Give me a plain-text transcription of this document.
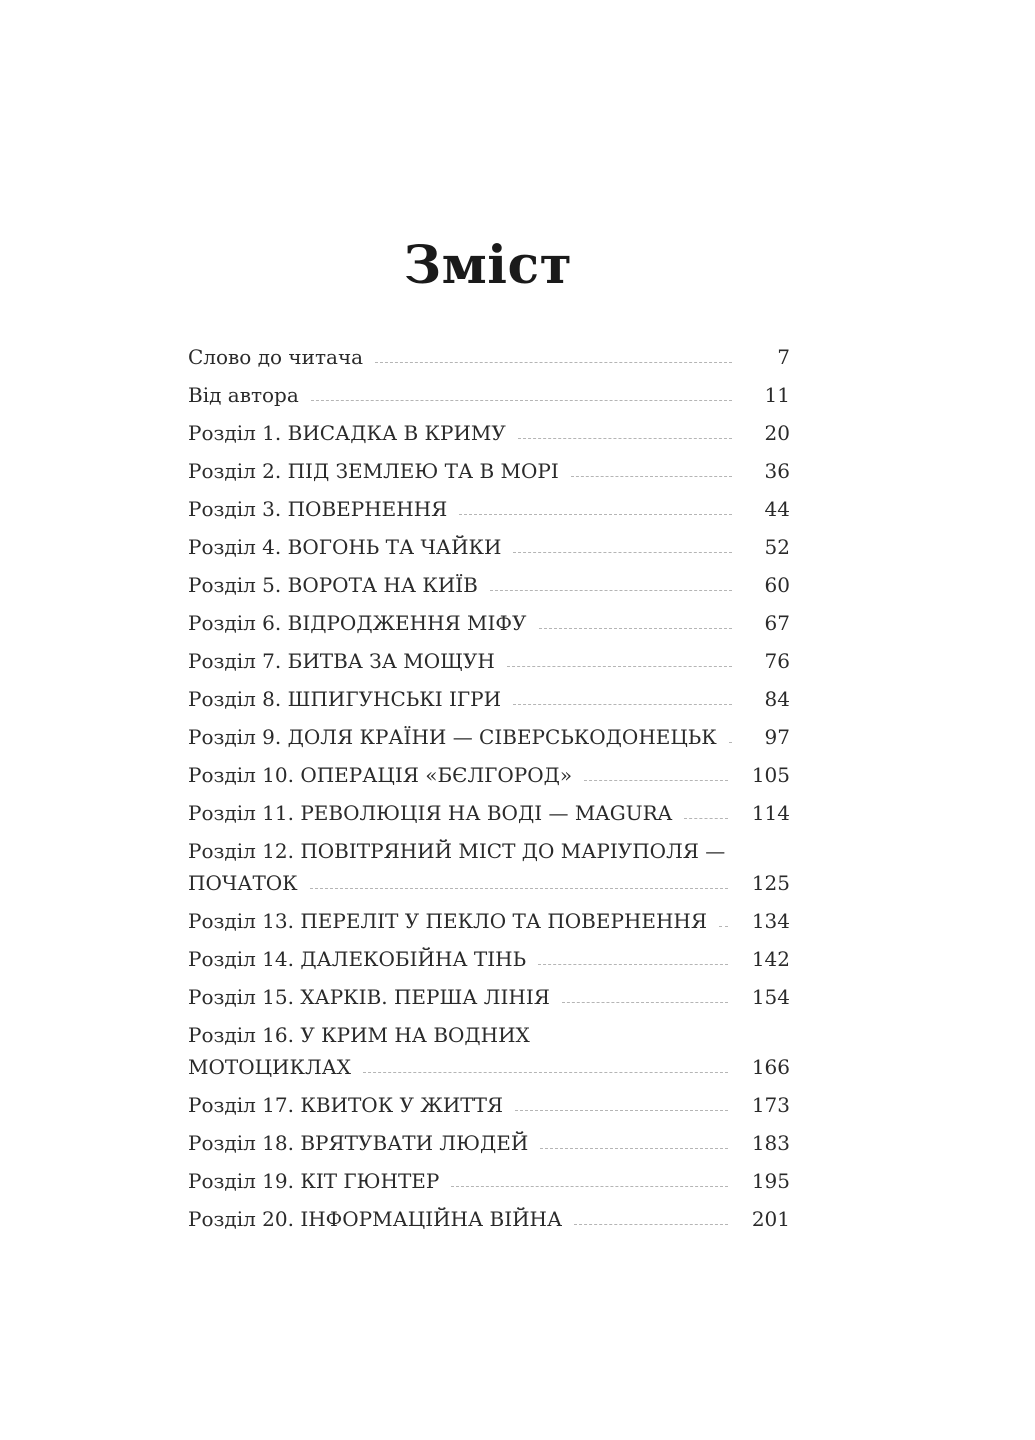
Зміст
Слово до читача	7
Від автора	11
Розділ 1. ВИСАДКА В КРИМУ	20
Розділ 2. ПІД ЗЕМЛЕЮ ТА В МОРІ	36
Розділ 3. ПОВЕРНЕННЯ	44
Розділ 4. ВОГОНЬ ТА ЧАЙКИ	52
Розділ 5. ВОРОТА НА КИЇВ	60
Розділ 6. ВІДРОДЖЕННЯ МІФУ	67
Розділ 7. БИТВА ЗА МОЩУН	76
Розділ 8. ШПИГУНСЬКІ ІГРИ	84
Розділ 9. ДОЛЯ КРАЇНИ — СІВЕРСЬКОДОНЕЦЬК	97
Розділ 10. ОПЕРАЦІЯ «БЄЛГОРОД»	105
Розділ 11. РЕВОЛЮЦІЯ НА ВОДІ — MAGURA	114
Розділ 12. ПОВІТРЯНИЙ МІСТ ДО МАРІУПОЛЯ —
ПОЧАТОК	125
Розділ 13. ПЕРЕЛІТ У ПЕКЛО ТА ПОВЕРНЕННЯ 134
Розділ 14. ДАЛЕКОБІЙНА ТІНЬ	142
Розділ 15. ХАРКІВ. ПЕРША ЛІНІЯ	154
Розділ 16. У КРИМ НА ВОДНИХ
МОТОЦИКЛАХ	166
Розділ 17. КВИТОК У ЖИТТЯ	173
Розділ 18. ВРЯТУВАТИ ЛЮДЕЙ	183
Розділ 19. КІТ ГЮНТЕР	195
Розділ 20. ІНФОРМАЦІЙНА ВІЙНА	201
